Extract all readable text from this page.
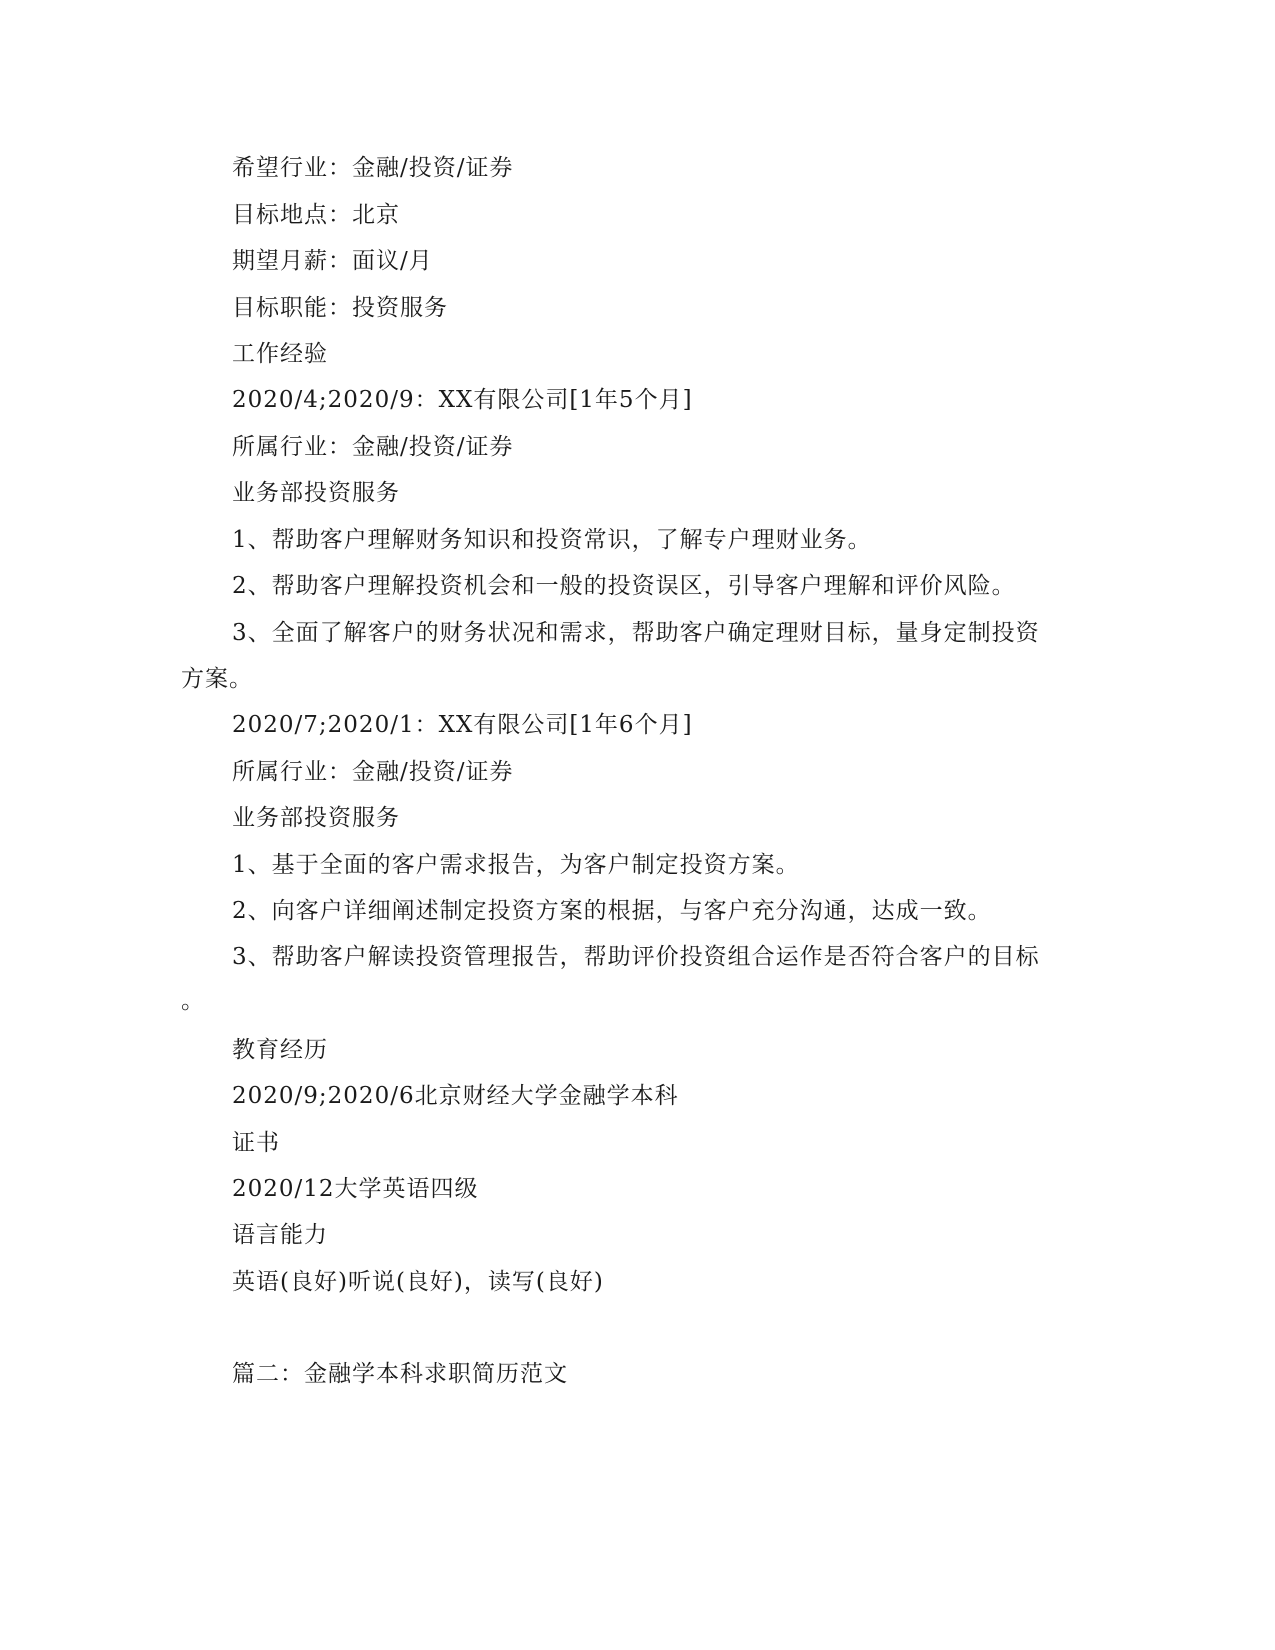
希望行业：金融/投资/证券
目标地点：北京
期望月薪：面议/月
目标职能：投资服务
工作经验
2020/4;2020/9：XX有限公司[1年5个月]
所属行业：金融/投资/证券
业务部投资服务
1、帮助客户理解财务知识和投资常识，了解专户理财业务。
2、帮助客户理解投资机会和一般的投资误区，引导客户理解和评价风险。
3、全面了解客户的财务状况和需求，帮助客户确定理财目标，量身定制投资
方案。
2020/7;2020/1：XX有限公司[1年6个月]
所属行业：金融/投资/证券
业务部投资服务
1、基于全面的客户需求报告，为客户制定投资方案。
2、向客户详细阐述制定投资方案的根据，与客户充分沟通，达成一致。
3、帮助客户解读投资管理报告，帮助评价投资组合运作是否符合客户的目标
。
教育经历
2020/9;2020/6北京财经大学金融学本科
证书
2020/12大学英语四级
语言能力
英语(良好)听说(良好)，读写(良好)
篇二：金融学本科求职简历范文
